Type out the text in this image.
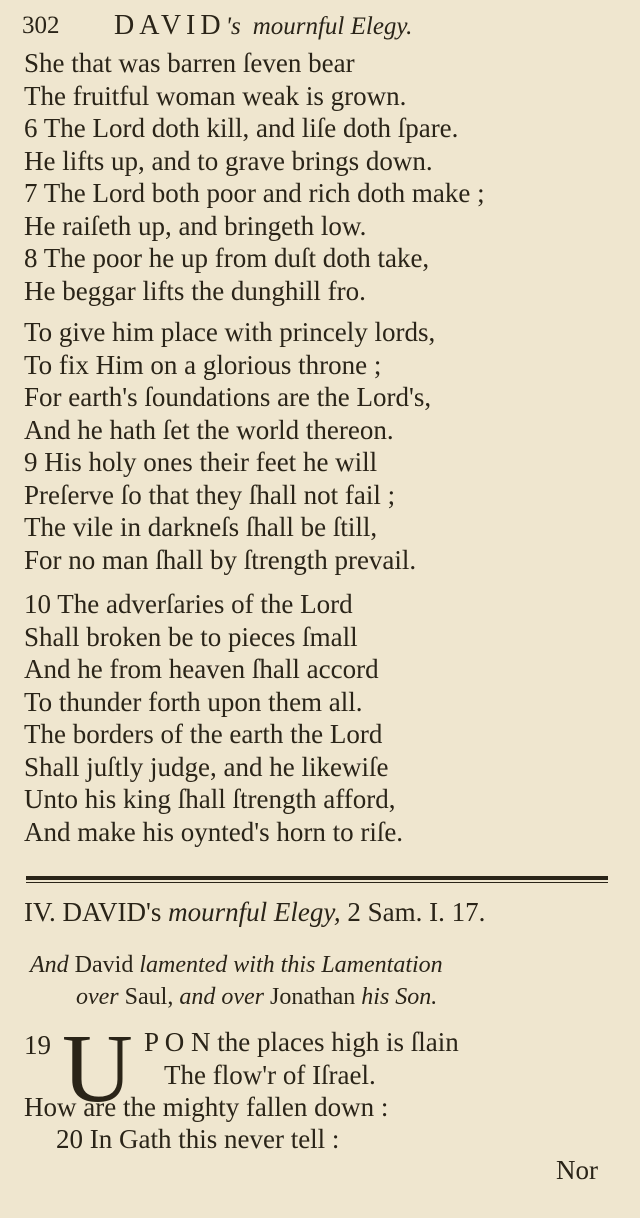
302 DAVID's mournful Elegy.
She that was barren ſeven bear
The fruitful woman weak is grown.
6 The Lord doth kill, and liſe doth ſpare.
He lifts up, and to grave brings down.
7 The Lord both poor and rich doth make ;
He raiſeth up, and bringeth low.
8 The poor he up from duſt doth take,
He beggar lifts the dunghill fro.
To give him place with princely lords,
To fix Him on a glorious throne ;
For earth's ſoundations are the Lord's,
And he hath ſet the world thereon.
9 His holy ones their feet he will
Preſerve ſo that they ſhall not fail ;
The vile in darkneſs ſhall be ſtill,
For no man ſhall by ſtrength prevail.
10 The adverſaries of the Lord
Shall broken be to pieces ſmall
And he from heaven ſhall accord
To thunder forth upon them all.
The borders of the earth the Lord
Shall juſtly judge, and he likewiſe
Unto his king ſhall ſtrength afford,
And make his oynted's horn to riſe.
IV. DAVID's mournful Elegy, 2 Sam. I. 17.
And David lamented with this Lamentation
over Saul, and over Jonathan his Son.
19 U P O N the places high is ſlain
The flow'r of Iſrael.
How are the mighty fallen down :
20 In Gath this never tell :
Nor
